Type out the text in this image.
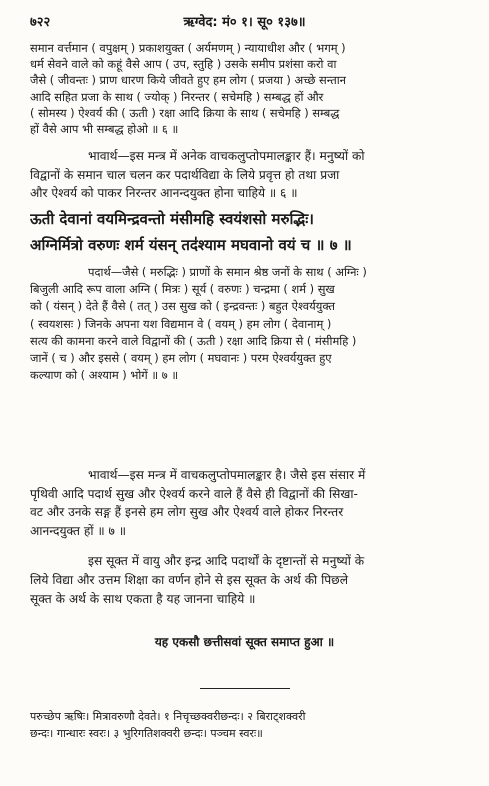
७२२	ऋग्वेद: मं० १। सू० १३७॥
समान वर्त्तमान ( वपुक्षम् ) प्रकाशयुक्त ( अर्यमणम् ) न्यायाधीश और ( भगम् )
धर्म सेवने वाले को कहूं वैसे आप ( उप, स्तुहि ) उसके समीप प्रशंसा करो वा
जैसे ( जीवन्तः ) प्राण धारण किये जीवते हुए हम लोग ( प्रजया ) अच्छे सन्तान
आदि सहित प्रजा के साथ ( ज्योक् ) निरन्तर ( सचेमहि ) सम्बद्ध हों और
( सोमस्य ) ऐश्वर्य की ( ऊती ) रक्षा आदि क्रिया के साथ ( सचेमहि ) सम्बद्ध
हों वैसे आप भी सम्बद्ध होओ ॥ ६ ॥
भावार्थ—इस मन्त्र में अनेक वाचकलुप्तोपमालङ्कार हैं। मनुष्यों को
विद्वानों के समान चाल चलन कर पदार्थविद्या के लिये प्रवृत्त हो तथा प्रजा
और ऐश्वर्य को पाकर निरन्तर आनन्दयुक्त होना चाहिये ॥ ६ ॥
ऊती देवानां वयमिन्द्रवन्तो मंसीमहि स्वयंशसो मरुद्भिः।
अग्निर्मित्रो वरुणः शर्म यंसन् तद॑श्याम मघवानो वयं च ॥ ७ ॥
पदार्थ—जैसे ( मरुद्भिः ) प्राणों के समान श्रेष्ठ जनों के साथ ( अग्निः )
बिजुली आदि रूप वाला अग्नि ( मित्रः ) सूर्य ( वरुणः ) चन्द्रमा ( शर्म ) सुख
को ( यंसन् ) देते हैं वैसे ( तत् ) उस सुख को ( इन्द्रवन्तः ) बहुत ऐश्वर्ययुक्त
( स्वयशसः ) जिनके अपना यश विद्यमान वे ( वयम् ) हम लोग ( देवानाम् )
सत्य की कामना करने वाले विद्वानों की ( ऊती ) रक्षा आदि क्रिया से ( मंसीमहि )
जानें ( च ) और इससे ( वयम् ) हम लोग ( मघवानः ) परम ऐश्वर्ययुक्त हुए
कल्याण को ( अश्याम ) भोगें ॥ ७ ॥
भावार्थ—इस मन्त्र में वाचकलुप्तोपमालङ्कार है। जैसे इस संसार में
पृथिवी आदि पदार्थ सुख और ऐश्वर्य करने वाले हैं वैसे ही विद्वानों की सिखा-
वट और उनके सङ्ग हैं इनसे हम लोग सुख और ऐश्वर्य वाले होकर निरन्तर
आनन्दयुक्त हों ॥ ७ ॥
इस सूक्त में वायु और इन्द्र आदि पदार्थों के दृष्टान्तों से मनुष्यों के
लिये विद्या और उत्तम शिक्षा का वर्णन होने से इस सूक्त के अर्थ की पिछले
सूक्त के अर्थ के साथ एकता है यह जानना चाहिये ॥
यह एकसौ छत्तीसवां सूक्त समाप्त हुआ ॥
परुच्छेप ऋषिः। मित्रावरुणौ देवते। १ निचृच्छक्वरीछन्दः। २ बिराट्शक्वरी
छन्दः। गान्धारः स्वरः। ३ भुरिगतिशक्वरी छन्दः। पञ्चम स्वरः॥
